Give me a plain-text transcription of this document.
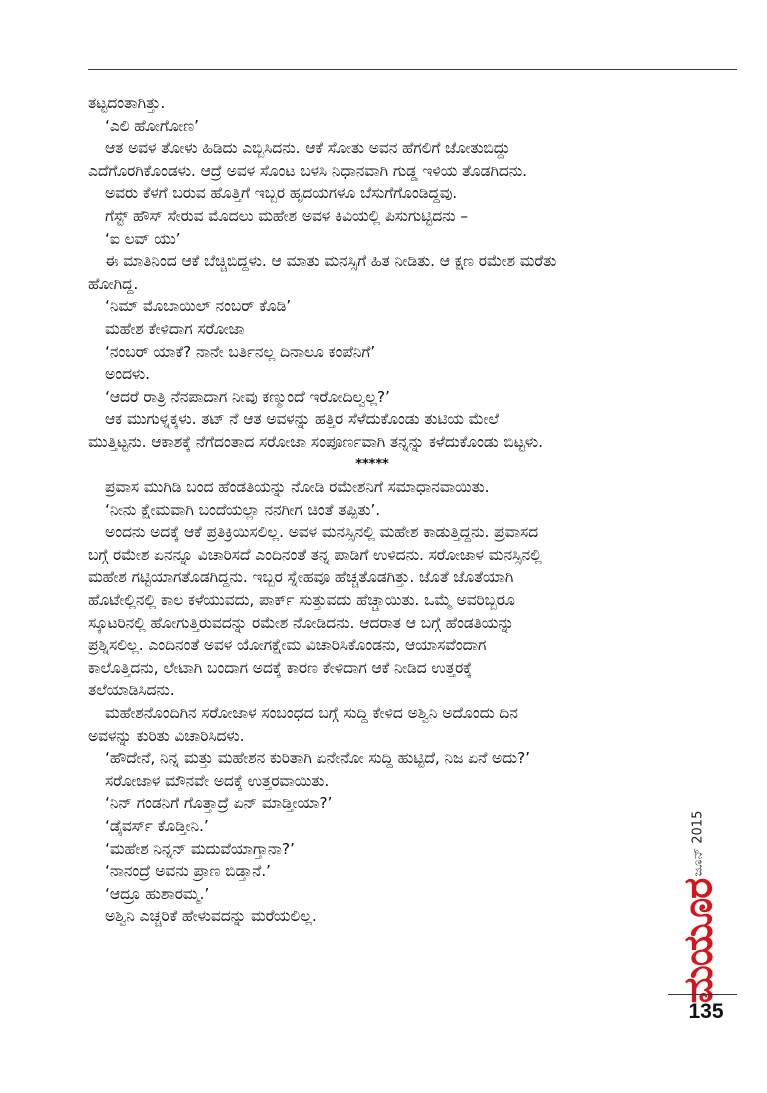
ತಟ್ಟದಂತಾಗಿತ್ತು.

‘ಎಲಿ ಹೋಗೋಣ’

ಆತ ಅವಳ ತೋಳು ಹಿಡಿದು ಎಬ್ಬಿಸಿದನು. ಆಕೆ ಸೋತು ಅವನ ಹೆಗಲಿಗೆ ಜೋತುಬಿದ್ದು

ಎದೆಗೊರಗಿಕೊಂಡಳು. ಆದ್ರೆ ಅವಳ ಸೊಂಟ ಬಳಸಿ ನಿಧಾನವಾಗಿ ಗುಡ್ಡ ಇಳಿಯ ತೊಡಗಿದನು.

ಅವರು ಕೆಳಗೆ ಬರುವ ಹೊತ್ತಿಗೆ ಇಬ್ಬರ ಹೃದಯಗಳೂ ಬೆಸುಗೆಗೊಂಡಿದ್ದವು.

ಗೆಸ್ಟ್ ಹೌಸ್ ಸೇರುವ ಮೊದಲು ಮಹೇಶ ಅವಳ ಕಿವಿಯಲ್ಲಿ ಪಿಸುಗುಟ್ಟಿದನು –

‘ಐ ಲವ್ ಯು’

ಈ ಮಾತಿನಿಂದ ಆಕೆ ಬೆಚ್ಚಿಬಿದ್ದಳು. ಆ ಮಾತು ಮನಸ್ಸಿಗೆ ಹಿತ ನೀಡಿತು. ಆ ಕ್ಷಣ ರಮೇಶ ಮರೆತು

ಹೋಗಿದ್ದ.

‘ನಿಮ್ ಮೊಬಾಯಿಲ್ ನಂಬರ್ ಕೊಡಿ’

ಮಹೇಶ ಕೇಳಿದಾಗ ಸರೋಜಾ

‘ನಂಬರ್ ಯಾಕೆ? ನಾನೇ ಬರ್ತಿನಲ್ಲ ದಿನಾಲೂ ಕಂಪೆನಿಗೆ’

ಅಂದಳು.

‘ಆದರೆ ರಾತ್ರಿ ನೆನಪಾದಾಗ ನೀವು ಕಣ್ಮುಂದೆ ಇರೋದಿಲ್ವಲ್ಲ?’

ಆಕ ಮುಗುಳ್ನಕ್ಕಳು. ತಟ್ ನೆ ಆತ ಅವಳನ್ನು ಹತ್ತಿರ ಸೆಳೆದುಕೊಂಡು ತುಟಿಯ ಮೇಲೆ

ಮುತ್ತಿಟ್ಟನು. ಆಕಾಶಕ್ಕೆ ನೆಗೆದಂತಾದ ಸರೋಜಾ ಸಂಪೂರ್ಣವಾಗಿ ತನ್ನನ್ನು ಕಳೆದುಕೊಂಡು ಬಿಟ್ಟಳು.

*****

ಪ್ರವಾಸ ಮುಗಿಡಿ ಬಂದ ಹೆಂಡತಿಯನ್ನು ನೋಡಿ ರಮೇಶನಿಗೆ ಸಮಾಧಾನವಾಯಿತು.

‘ನೀನು ಕ್ಷೇಮವಾಗಿ ಬಂದೆಯಲ್ಲಾ ನನಗೀಗ ಚಿಂತೆ ತಪ್ಪಿತು’.

ಅಂದನು ಅದಕ್ಕೆ ಆಕೆ ಪ್ರತಿಕ್ರಿಯಿಸಲಿಲ್ಲ. ಅವಳ ಮನಸ್ಸಿನಲ್ಲಿ ಮಹೇಶ ಕಾಡುತ್ತಿದ್ದನು. ಪ್ರವಾಸದ

ಬಗ್ಗೆ ರಮೇಶ ಏನನ್ನೂ ವಿಚಾರಿಸದೆ ಎಂದಿನಂತೆ ತನ್ನ ಪಾಡಿಗೆ ಉಳಿದನು. ಸರೋಜಾಳ ಮನಸ್ಸಿನಲ್ಲಿ

ಮಹೇಶ ಗಟ್ಟಿಯಾಗತೊಡಗಿದ್ದನು. ಇಬ್ಬರ ಸ್ನೇಹವೂ ಹೆಚ್ಚತೊಡಗಿತ್ತು. ಜೊತೆ ಜೊತೆಯಾಗಿ

ಹೊಟೇಲ್ಲಿನಲ್ಲಿ ಕಾಲ ಕಳೆಯುವದು, ಪಾರ್ಕ್ ಸುತ್ತುವದು ಹೆಚ್ಚಾಯಿತು. ಒಮ್ಮೆ ಅವರಿಬ್ಬರೂ

ಸ್ಕೂಟರಿನಲ್ಲಿ ಹೋಗುತ್ತಿರುವದನ್ನು ರಮೇಶ ನೋಡಿದನು. ಆದರಾತ ಆ ಬಗ್ಗೆ ಹೆಂಡತಿಯನ್ನು

ಪ್ರಶ್ನಿಸಲಿಲ್ಲ. ಎಂದಿನಂತೆ ಅವಳ ಯೋಗಕ್ಷೇಮ ವಿಚಾರಿಸಿಕೊಂಡನು, ಆಯಾಸವೆಂದಾಗ

ಕಾಲೊತ್ತಿದನು, ಲೇಟಾಗಿ ಬಂದಾಗ ಅದಕ್ಕೆ ಕಾರಣ ಕೇಳಿದಾಗ ಆಕೆ ನೀಡಿದ ಉತ್ತರಕ್ಕೆ

ತಲೆಯಾಡಿಸಿದನು.

ಮಹೇಶನೊಂದಿಗಿನ ಸರೋಜಾಳ ಸಂಬಂಧದ ಬಗ್ಗೆ ಸುದ್ದಿ ಕೇಳಿದ ಅಶ್ವಿನಿ ಅದೊಂದು ದಿನ

ಅವಳನ್ನು ಕುರಿತು ವಿಚಾರಿಸಿದಳು.

‘ಹೌದೇನೆ, ನಿನ್ನ ಮತ್ತು ಮಹೇಶನ ಕುರಿತಾಗಿ ಏನೇನೋ ಸುದ್ದಿ ಹುಟ್ಟಿದೆ, ನಿಜ ಏನೆ ಅದು?’

ಸರೋಜಾಳ ಮೌನವೇ ಅದಕ್ಕೆ ಉತ್ತರವಾಯಿತು.

‘ನಿನ್ ಗಂಡನಿಗೆ ಗೊತ್ತಾದ್ರೆ ಏನ್ ಮಾಡ್ತೀಯಾ?’

‘ಡೈವರ್ಸ್ ಕೊಡ್ತೀನಿ.’

‘ಮಹೇಶ ನಿನ್ನನ್ ಮದುವೆಯಾಗ್ತಾನಾ?’

‘ನಾನಂದ್ರೆ ಅವನು ಪ್ರಾಣ ಬಿಡ್ತಾನೆ.’

‘ಆದ್ರೂ ಹುಶಾರಮ್ಮ.’

ಅಶ್ವಿನಿ ಎಚ್ಚರಿಕೆ ಹೇಳುವದನ್ನು ಮರೆಯಲಿಲ್ಲ.

ಜೂನ್ 2015
ಮಯೂರ
135
